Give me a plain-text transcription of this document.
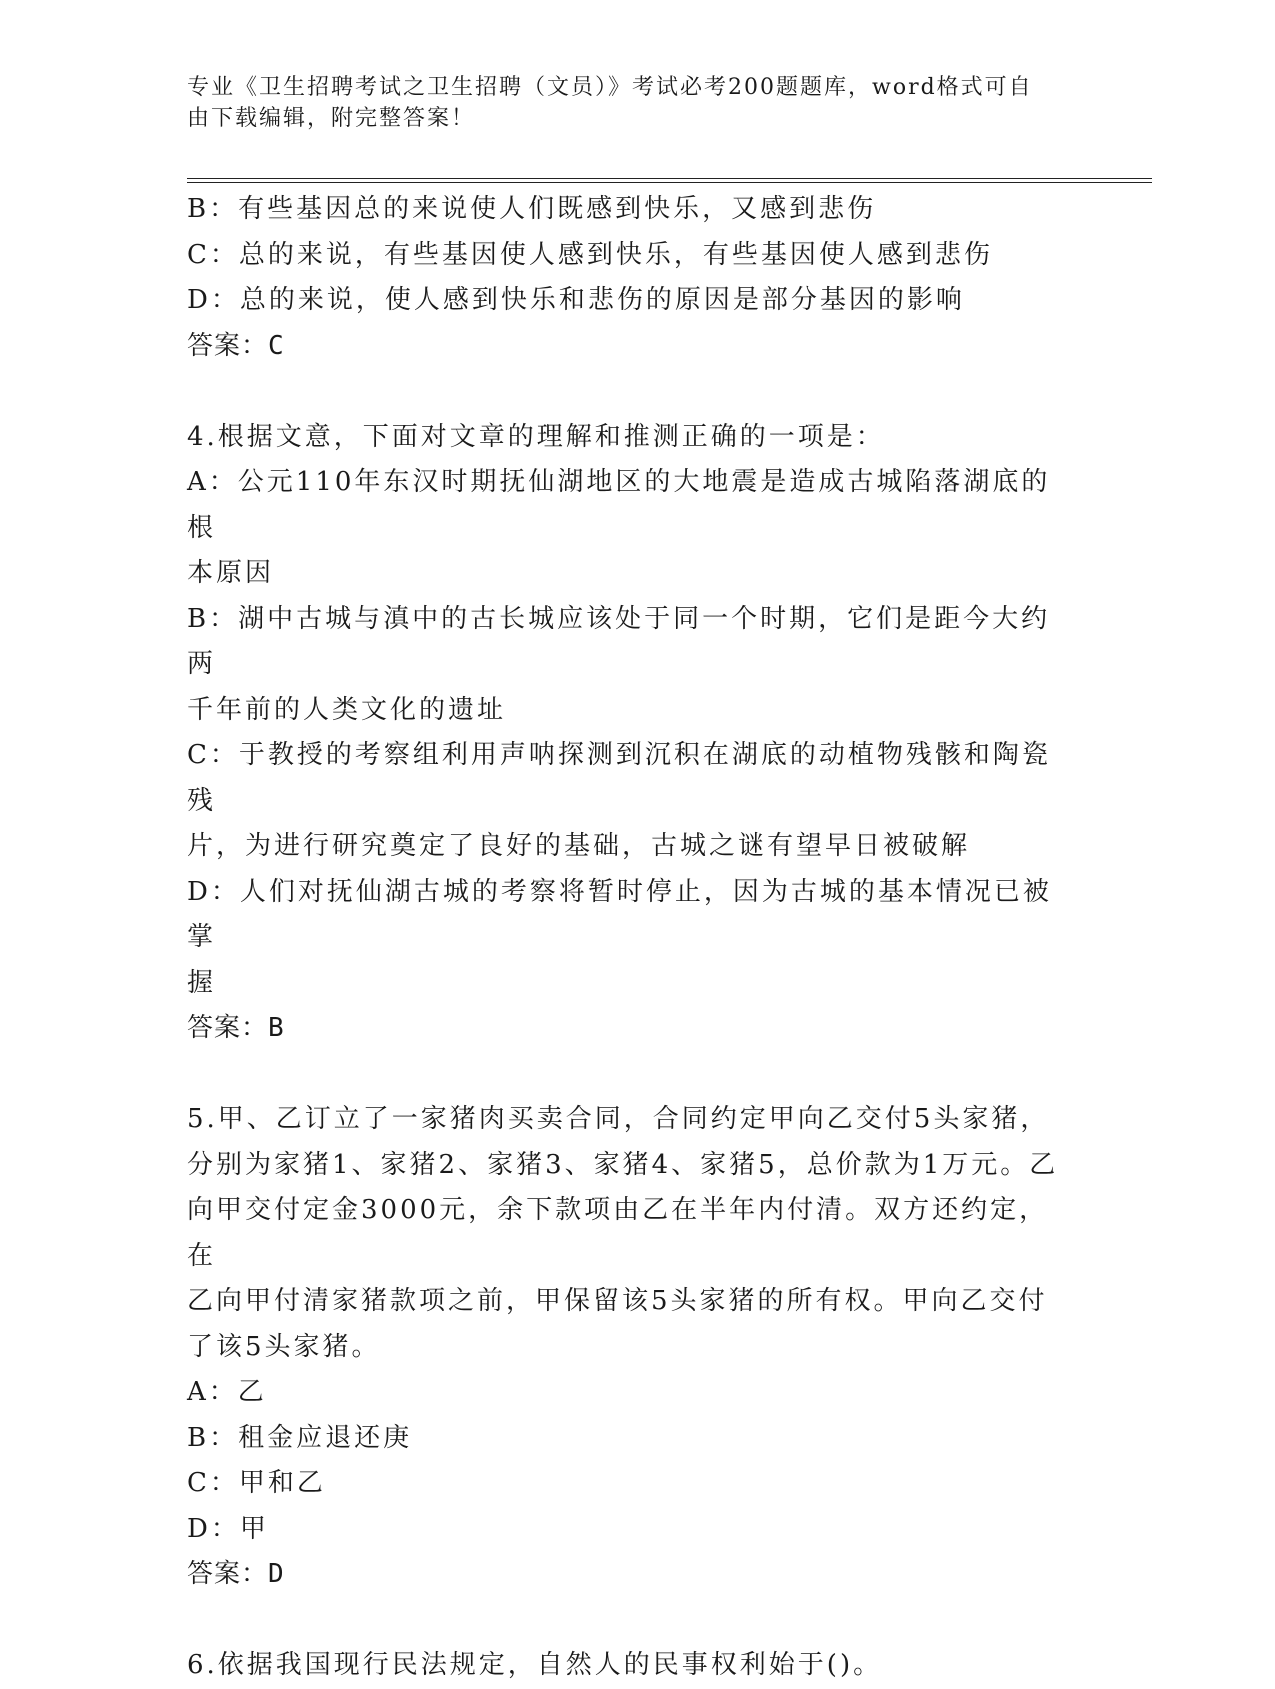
专业《卫生招聘考试之卫生招聘（文员）》考试必考200题题库，word格式可自
由下载编辑，附完整答案！

B：有些基因总的来说使人们既感到快乐，又感到悲伤

C：总的来说，有些基因使人感到快乐，有些基因使人感到悲伤

D：总的来说，使人感到快乐和悲伤的原因是部分基因的影响

答案：C

4.根据文意，下面对文章的理解和推测正确的一项是：

A：公元110年东汉时期抚仙湖地区的大地震是造成古城陷落湖底的根

本原因

B：湖中古城与滇中的古长城应该处于同一个时期，它们是距今大约两

千年前的人类文化的遗址

C：于教授的考察组利用声呐探测到沉积在湖底的动植物残骸和陶瓷残

片，为进行研究奠定了良好的基础，古城之谜有望早日被破解

D：人们对抚仙湖古城的考察将暂时停止，因为古城的基本情况已被掌

握

答案：B

5.甲、乙订立了一家猪肉买卖合同，合同约定甲向乙交付5头家猪，

分别为家猪1、家猪2、家猪3、家猪4、家猪5，总价款为1万元。乙

向甲交付定金3000元，余下款项由乙在半年内付清。双方还约定，在

乙向甲付清家猪款项之前，甲保留该5头家猪的所有权。甲向乙交付

了该5头家猪。

A：乙

B：租金应退还庚

C：甲和乙

D：甲

答案：D

6.依据我国现行民法规定，自然人的民事权利始于()。
